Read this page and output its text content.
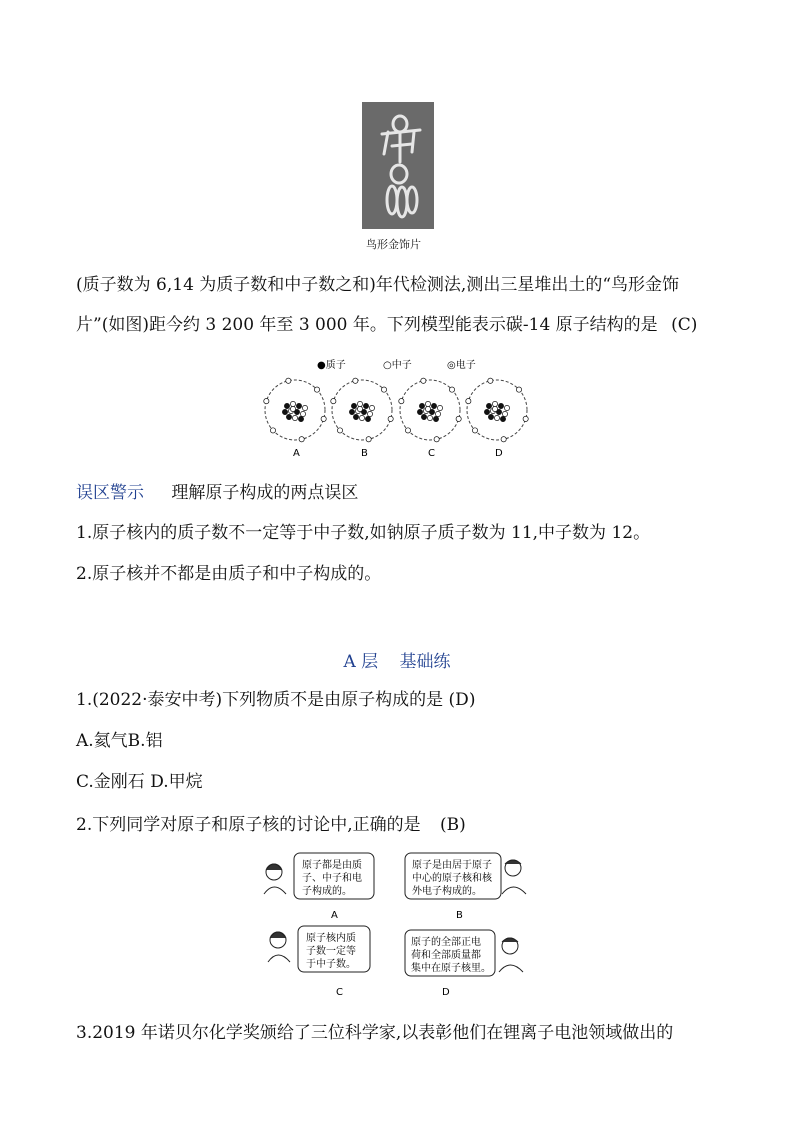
鸟形金饰片
(质子数为 6,14 为质子数和中子数之和)年代检测法,测出三星堆出土的“鸟形金饰
片”(如图)距今约 3 200 年至 3 000 年。下列模型能表示碳-14 原子结构的是 (C)
●质子	○中子	◎电子
A	B	C	D
误区警示 理解原子构成的两点误区
1.原子核内的质子数不一定等于中子数,如钠原子质子数为 11,中子数为 12。
2.原子核并不都是由质子和中子构成的。
A 层 基础练
1.(2022·泰安中考)下列物质不是由原子构成的是 (D)
A.氦气B.铝
C.金刚石 D.甲烷
2.下列同学对原子和原子核的讨论中,正确的是 (B)
原子都是由质
子、中子和电
子构成的。
A
原子是由居于原子
中心的原子核和核
外电子构成的。
B
原子核内质
子数一定等
于中子数。
C
原子的全部正电
荷和全部质量都
集中在原子核里。
D
3.2019 年诺贝尔化学奖颁给了三位科学家,以表彰他们在锂离子电池领域做出的
